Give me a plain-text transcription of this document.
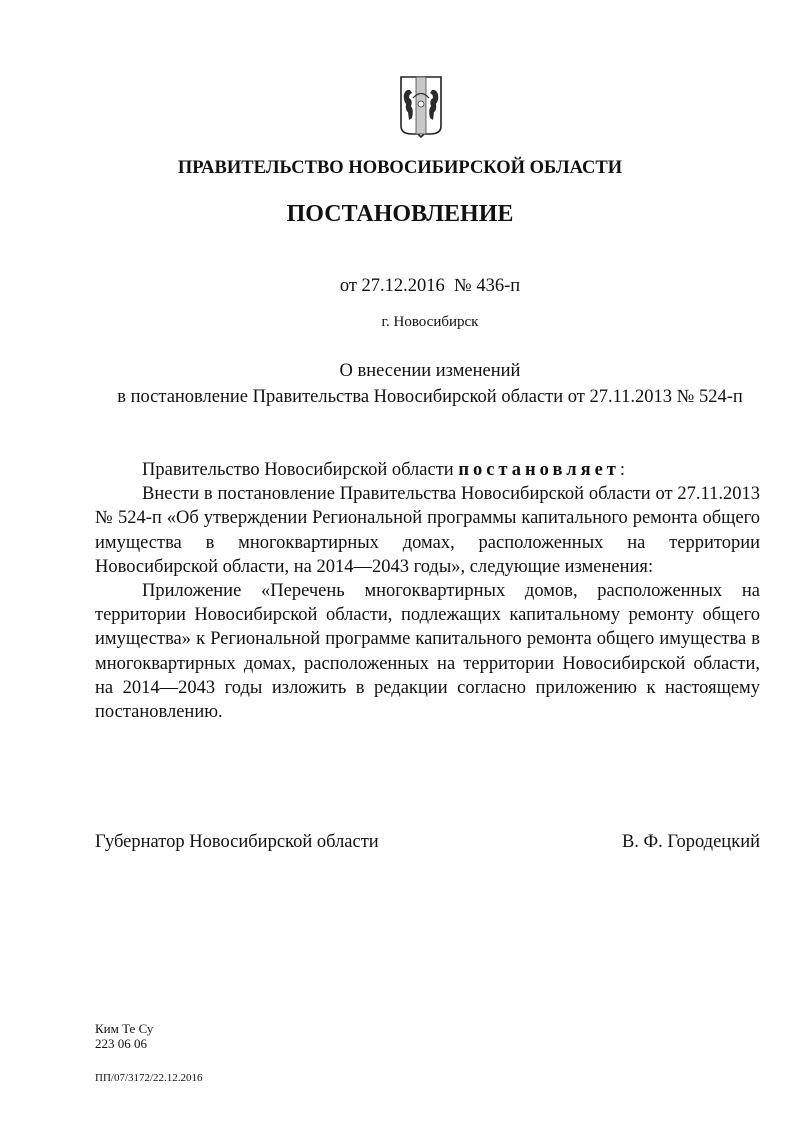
ПРАВИТЕЛЬСТВО НОВОСИБИРСКОЙ ОБЛАСТИ
ПОСТАНОВЛЕНИЕ
от 27.12.2016  № 436-п
г. Новосибирск
О внесении изменений
в постановление Правительства Новосибирской области от 27.11.2013 № 524-п

Правительство Новосибирской области постановляет:

Внести в постановление Правительства Новосибирской области от 27.11.2013 № 524-п «Об утверждении Региональной программы капитального ремонта общего имущества в многоквартирных домах, расположенных на территории Новосибирской области, на 2014—2043 годы», следующие изменения:

Приложение «Перечень многоквартирных домов, расположенных на территории Новосибирской области, подлежащих капитальному ремонту общего имущества» к Региональной программе капитального ремонта общего имущества в многоквартирных домах, расположенных на территории Новосибирской области, на 2014—2043 годы изложить в редакции согласно приложению к настоящему постановлению.

Губернатор Новосибирской области	В. Ф. Городецкий
Ким Те Су
223 06 06
ПП/07/3172/22.12.2016
